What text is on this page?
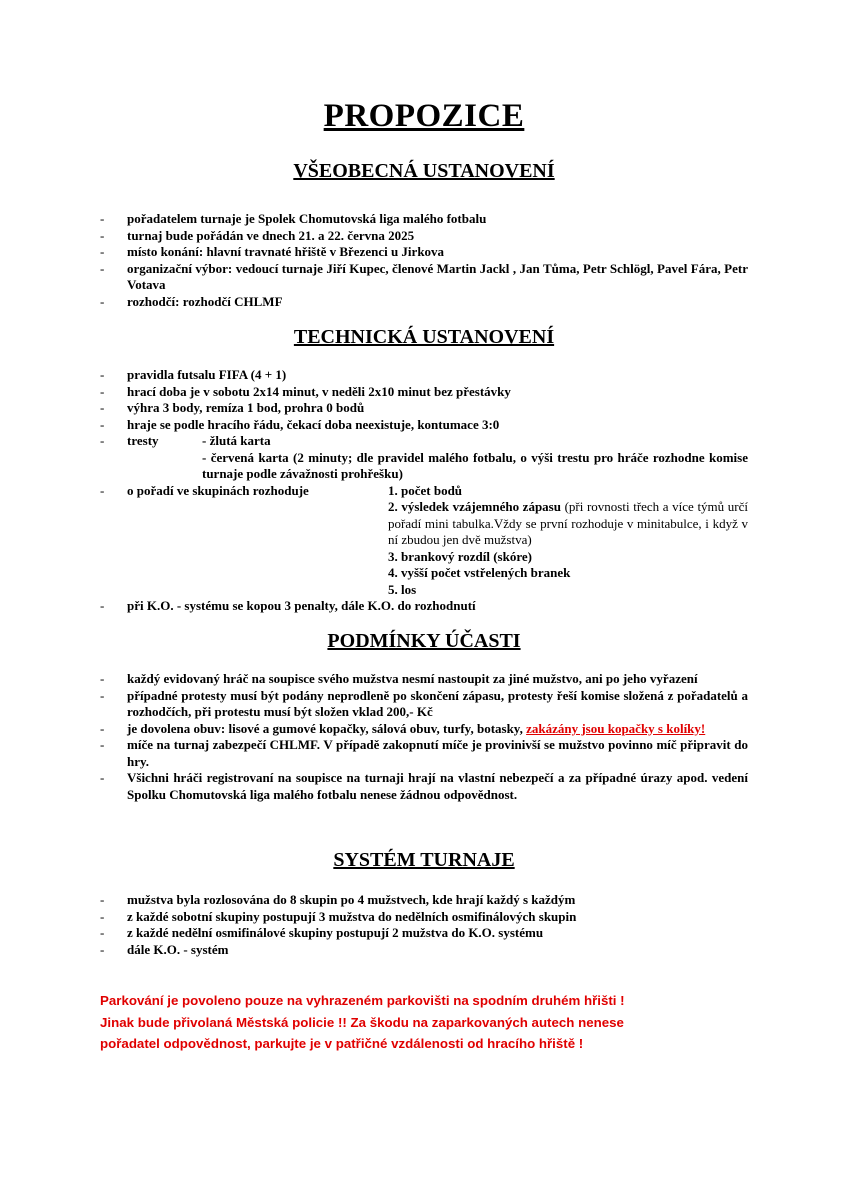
PROPOZICE
VŠEOBECNÁ USTANOVENÍ
- pořadatelem turnaje je Spolek Chomutovská liga malého fotbalu
- turnaj bude pořádán ve dnech 21. a 22. června 2025
- místo konání: hlavní travnaté hřiště v Březenci u Jirkova
- organizační výbor: vedoucí turnaje Jiří Kupec, členové Martin Jackl , Jan Tůma, Petr Schlögl, Pavel Fára, Petr Votava
- rozhodčí: rozhodčí CHLMF
TECHNICKÁ USTANOVENÍ
- pravidla futsalu FIFA (4 + 1)
- hrací doba je v sobotu 2x14 minut, v neděli 2x10 minut bez přestávky
- výhra 3 body, remíza 1 bod, prohra 0 bodů
- hraje se podle hracího řádu, čekací doba neexistuje, kontumace 3:0
- tresty	- žlutá karta
- červená karta (2 minuty; dle pravidel malého fotbalu, o výši trestu pro hráče rozhodne komise turnaje podle závažnosti prohřešku)
- o pořadí ve skupinách rozhoduje	1. počet bodů
2. výsledek vzájemného zápasu (při rovnosti třech a více týmů určí pořadí mini tabulka.Vždy se první rozhoduje v minitabulce, i když v ní zbudou jen dvě mužstva)
3. brankový rozdíl (skóre)
4. vyšší počet vstřelených branek
5. los
- při K.O. - systému se kopou 3 penalty, dále K.O. do rozhodnutí
PODMÍNKY ÚČASTI
- každý evidovaný hráč na soupisce svého mužstva nesmí nastoupit za jiné mužstvo, ani po jeho vyřazení
- případné protesty musí být podány neprodleně po skončení zápasu, protesty řeší komise složená z pořadatelů a rozhodčích, při protestu musí být složen vklad 200,- Kč
- je dovolena obuv: lisové a gumové kopačky, sálová obuv, turfy, botasky, zakázány jsou kopačky s kolíky!
- míče na turnaj zabezpečí CHLMF. V případě zakopnutí míče je provinivší se mužstvo povinno míč připravit do hry.
- Všichni hráči registrovaní na soupisce na turnaji hrají na vlastní nebezpečí a za případné úrazy apod. vedení Spolku Chomutovská liga malého fotbalu nenese žádnou odpovědnost.
SYSTÉM TURNAJE
- mužstva byla rozlosována do 8 skupin po 4 mužstvech, kde hrají každý s každým
- z každé sobotní skupiny postupují 3 mužstva do nedělních osmifinálových skupin
- z každé nedělní osmifinálové skupiny postupují 2 mužstva do K.O. systému
- dále K.O. - systém
Parkování je povoleno pouze na vyhrazeném parkovišti na spodním druhém hřišti !
Jinak bude přivolaná Městská policie !! Za škodu na zaparkovaných autech nenese
pořadatel odpovědnost, parkujte je v patřičné vzdálenosti od hracího hřiště !
